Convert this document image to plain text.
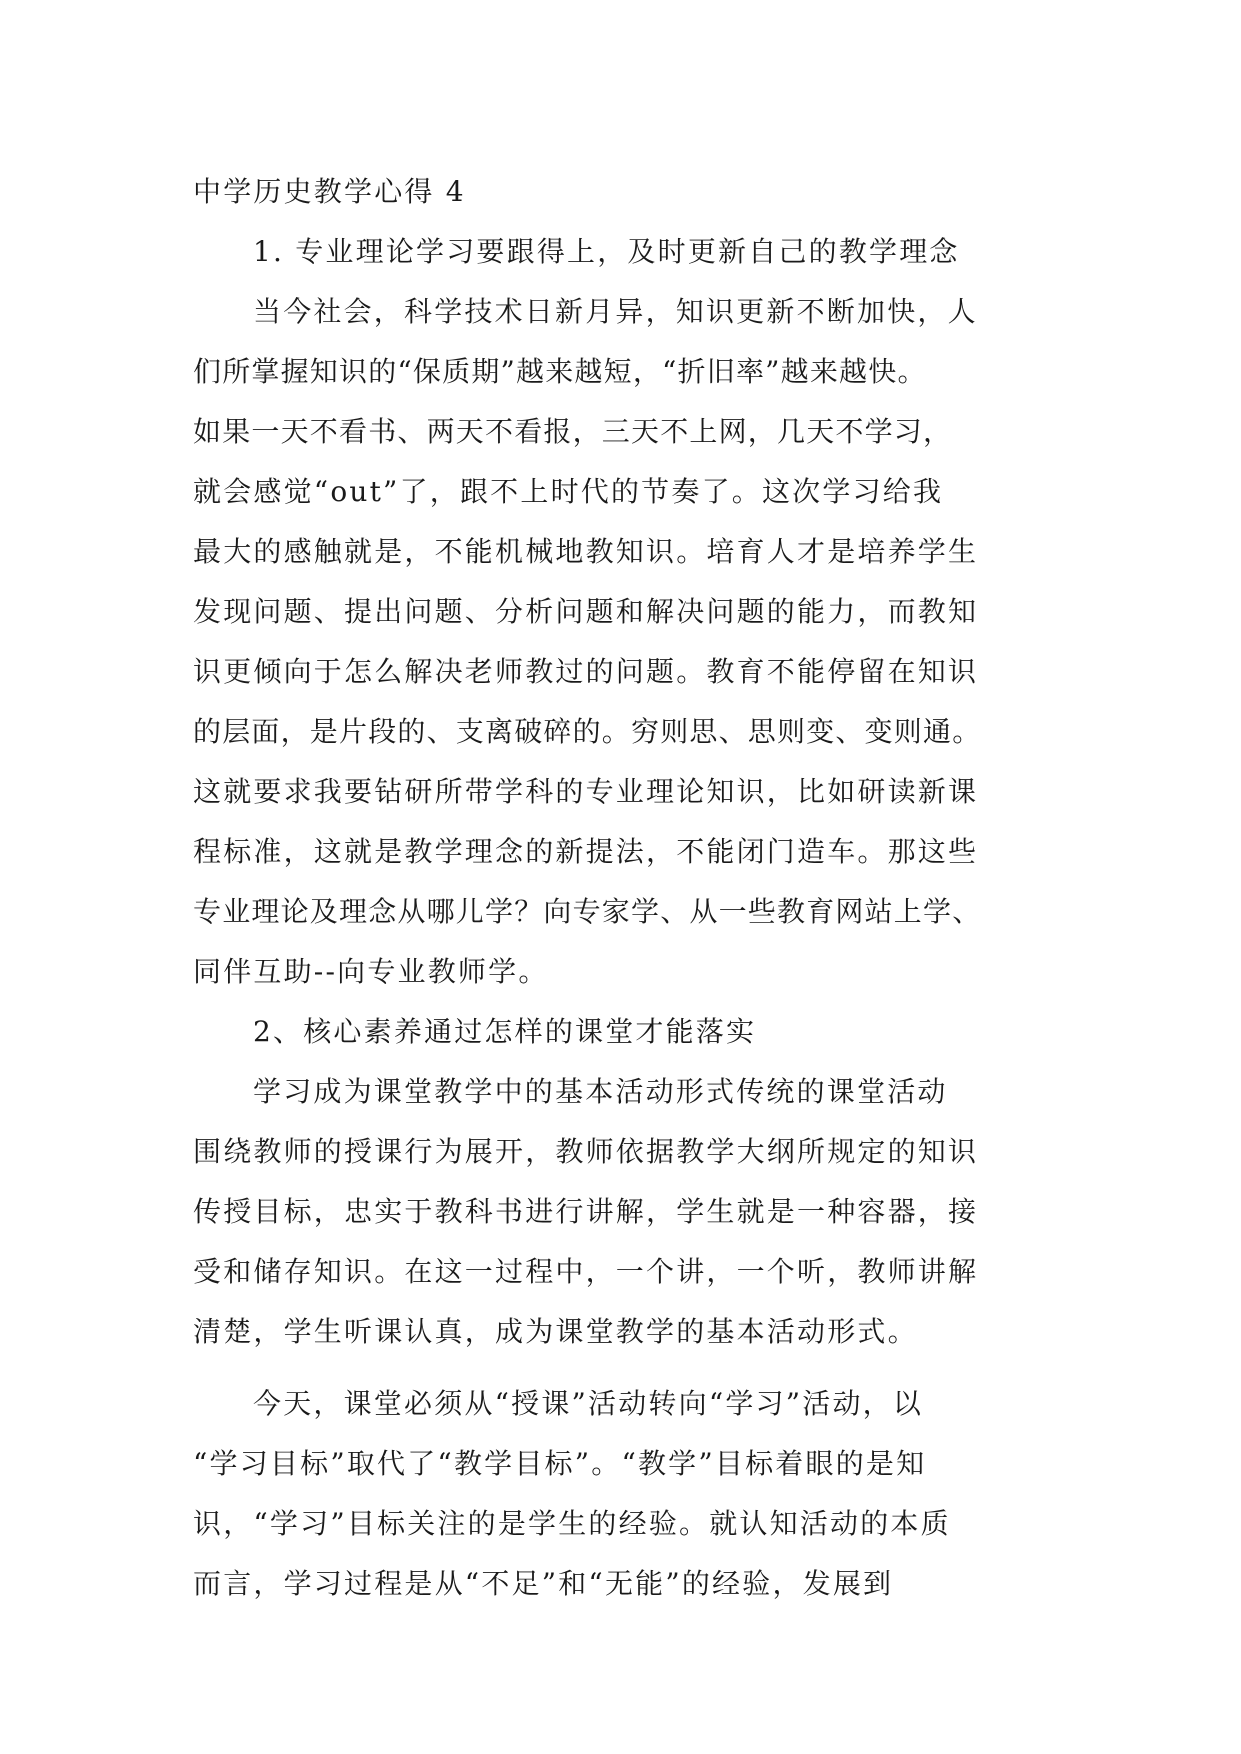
中学历史教学心得 4
1. 专业理论学习要跟得上，及时更新自己的教学理念
当今社会，科学技术日新月异，知识更新不断加快，人
们所掌握知识的“保质期”越来越短，“折旧率”越来越快。
如果一天不看书、两天不看报，三天不上网，几天不学习，
就会感觉“out”了，跟不上时代的节奏了。这次学习给我
最大的感触就是，不能机械地教知识。培育人才是培养学生
发现问题、提出问题、分析问题和解决问题的能力，而教知
识更倾向于怎么解决老师教过的问题。教育不能停留在知识
的层面，是片段的、支离破碎的。穷则思、思则变、变则通。
这就要求我要钻研所带学科的专业理论知识，比如研读新课
程标准，这就是教学理念的新提法，不能闭门造车。那这些
专业理论及理念从哪儿学？向专家学、从一些教育网站上学、
同伴互助--向专业教师学。
2、核心素养通过怎样的课堂才能落实
学习成为课堂教学中的基本活动形式传统的课堂活动
围绕教师的授课行为展开，教师依据教学大纲所规定的知识
传授目标，忠实于教科书进行讲解，学生就是一种容器，接
受和储存知识。在这一过程中，一个讲，一个听，教师讲解
清楚，学生听课认真，成为课堂教学的基本活动形式。
今天，课堂必须从“授课”活动转向“学习”活动，以
“学习目标”取代了“教学目标”。“教学”目标着眼的是知
识，“学习”目标关注的是学生的经验。就认知活动的本质
而言，学习过程是从“不足”和“无能”的经验，发展到
